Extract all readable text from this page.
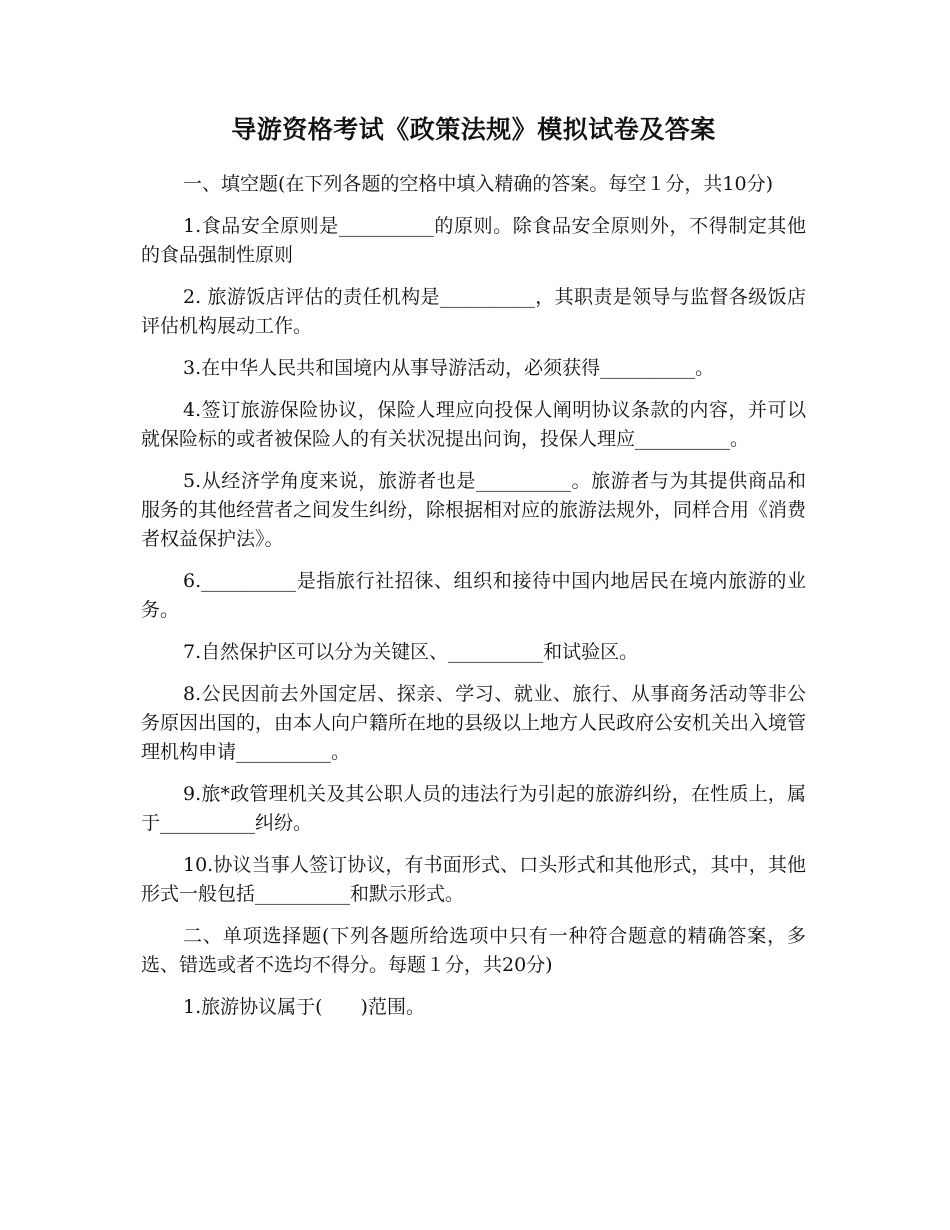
导游资格考试《政策法规》模拟试卷及答案

一、填空题(在下列各题的空格中填入精确的答案。每空１分，共10分)

1.食品安全原则是__________的原则。除食品安全原则外，不得制定其他的食品强制性原则

2. 旅游饭店评估的责任机构是__________，其职责是领导与监督各级饭店评估机构展动工作。

3.在中华人民共和国境内从事导游活动，必须获得__________。

4.签订旅游保险协议，保险人理应向投保人阐明协议条款的内容，并可以就保险标的或者被保险人的有关状况提出问询，投保人理应__________。

5.从经济学角度来说，旅游者也是__________。旅游者与为其提供商品和服务的其他经营者之间发生纠纷，除根据相对应的旅游法规外，同样合用《消费者权益保护法》。

6.__________是指旅行社招徕、组织和接待中国内地居民在境内旅游的业务。

7.自然保护区可以分为关键区、__________和试验区。

8.公民因前去外国定居、探亲、学习、就业、旅行、从事商务活动等非公务原因出国的，由本人向户籍所在地的县级以上地方人民政府公安机关出入境管理机构申请__________。

9.旅*政管理机关及其公职人员的违法行为引起的旅游纠纷，在性质上，属于__________纠纷。

10.协议当事人签订协议，有书面形式、口头形式和其他形式，其中，其他形式一般包括__________和默示形式。

二、单项选择题(下列各题所给选项中只有一种符合题意的精确答案，多选、错选或者不选均不得分。每题１分，共20分)

1.旅游协议属于(　　)范围。
